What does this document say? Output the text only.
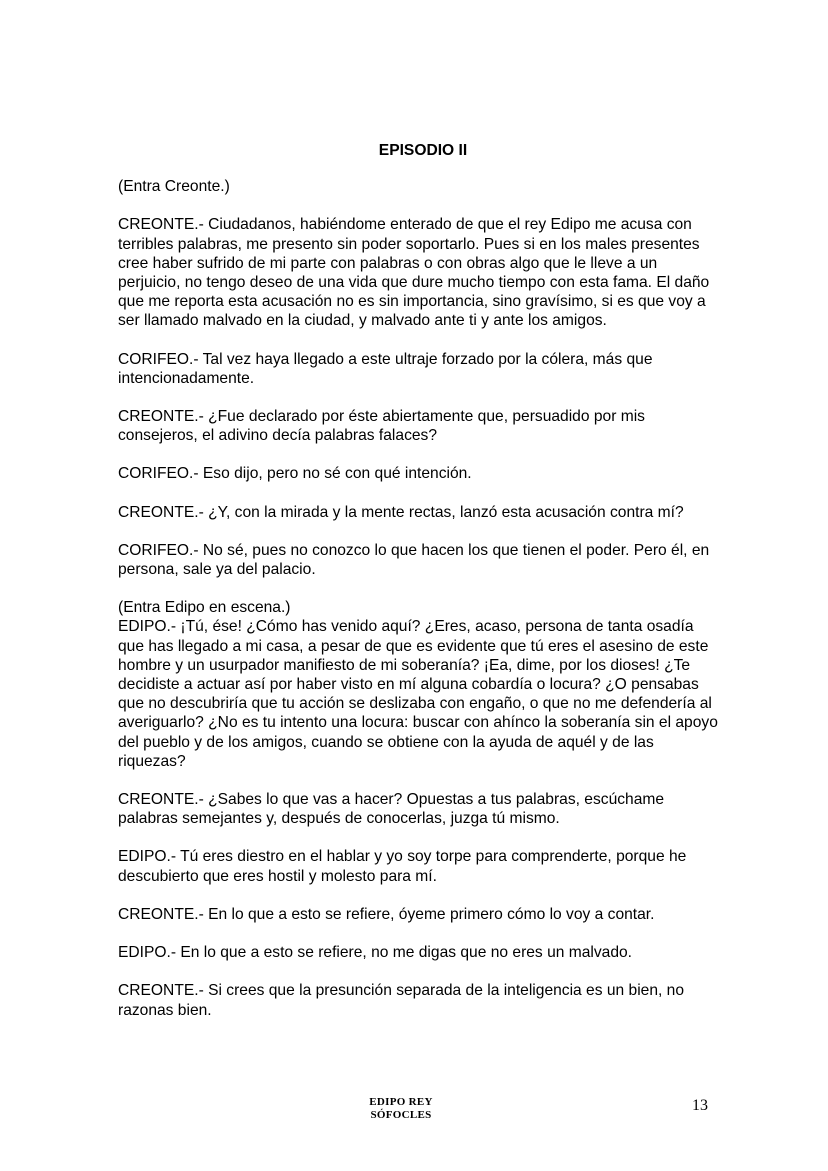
EPISODIO II

(Entra Creonte.)

CREONTE.- Ciudadanos, habiéndome enterado de que el rey Edipo me acusa con terribles palabras, me presento sin poder soportarlo. Pues si en los males presentes cree haber sufrido de mi parte con palabras o con obras algo que le lleve a un perjuicio, no tengo deseo de una vida que dure mucho tiempo con esta fama. El daño que me reporta esta acusación no es sin importancia, sino gravísimo, si es que voy a ser llamado malvado en la ciudad, y malvado ante ti y ante los amigos.

CORIFEO.- Tal vez haya llegado a este ultraje forzado por la cólera, más que intencionadamente.

CREONTE.- ¿Fue declarado por éste abiertamente que, persuadido por mis consejeros, el adivino decía palabras falaces?

CORIFEO.- Eso dijo, pero no sé con qué intención.

CREONTE.- ¿Y, con la mirada y la mente rectas, lanzó esta acusación contra mí?

CORIFEO.- No sé, pues no conozco lo que hacen los que tienen el poder. Pero él, en persona, sale ya del palacio.

(Entra Edipo en escena.)

EDIPO.- ¡Tú, ése! ¿Cómo has venido aquí? ¿Eres, acaso, persona de tanta osadía que has llegado a mi casa, a pesar de que es evidente que tú eres el asesino de este hombre y un usurpador manifiesto de mi soberanía? ¡Ea, dime, por los dioses! ¿Te decidiste a actuar así por haber visto en mí alguna cobardía o locura? ¿O pensabas que no descubriría que tu acción se deslizaba con engaño, o que no me defendería al averiguarlo? ¿No es tu intento una locura: buscar con ahínco la soberanía sin el apoyo del pueblo y de los amigos, cuando se obtiene con la ayuda de aquél y de las riquezas?

CREONTE.- ¿Sabes lo que vas a hacer? Opuestas a tus palabras, escúchame palabras semejantes y, después de conocerlas, juzga tú mismo.

EDIPO.- Tú eres diestro en el hablar y yo soy torpe para comprenderte, porque he descubierto que eres hostil y molesto para mí.

CREONTE.- En lo que a esto se refiere, óyeme primero cómo lo voy a contar.

EDIPO.- En lo que a esto se refiere, no me digas que no eres un malvado.

CREONTE.- Si crees que la presunción separada de la inteligencia es un bien, no razonas bien.

EDIPO REY
SÓFOCLES
13
